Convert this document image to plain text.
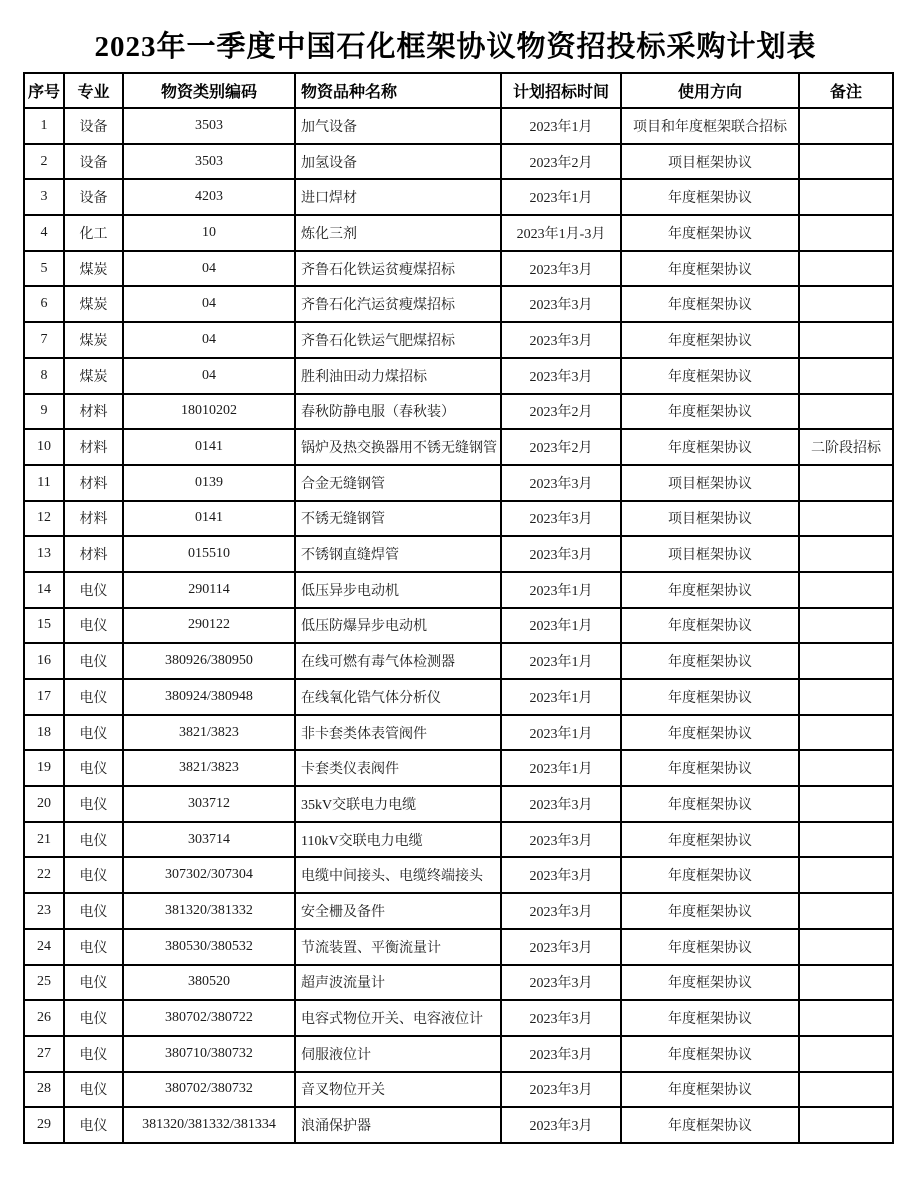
2023年一季度中国石化框架协议物资招投标采购计划表
序号	专业	物资类别编码	物资品种名称	计划招标时间	使用方向	备注
1	设备	3503	加气设备	2023年1月	项目和年度框架联合招标	
2	设备	3503	加氢设备	2023年2月	项目框架协议	
3	设备	4203	进口焊材	2023年1月	年度框架协议	
4	化工	10	炼化三剂	2023年1月-3月	年度框架协议	
5	煤炭	04	齐鲁石化铁运贫瘦煤招标	2023年3月	年度框架协议	
6	煤炭	04	齐鲁石化汽运贫瘦煤招标	2023年3月	年度框架协议	
7	煤炭	04	齐鲁石化铁运气肥煤招标	2023年3月	年度框架协议	
8	煤炭	04	胜利油田动力煤招标	2023年3月	年度框架协议	
9	材料	18010202	春秋防静电服（春秋装）	2023年2月	年度框架协议	
10	材料	0141	锅炉及热交换器用不锈无缝钢管	2023年2月	年度框架协议	二阶段招标
11	材料	0139	合金无缝钢管	2023年3月	项目框架协议	
12	材料	0141	不锈无缝钢管	2023年3月	项目框架协议	
13	材料	015510	不锈钢直缝焊管	2023年3月	项目框架协议	
14	电仪	290114	低压异步电动机	2023年1月	年度框架协议	
15	电仪	290122	低压防爆异步电动机	2023年1月	年度框架协议	
16	电仪	380926/380950	在线可燃有毒气体检测器	2023年1月	年度框架协议	
17	电仪	380924/380948	在线氧化锆气体分析仪	2023年1月	年度框架协议	
18	电仪	3821/3823	非卡套类体表管阀件	2023年1月	年度框架协议	
19	电仪	3821/3823	卡套类仪表阀件	2023年1月	年度框架协议	
20	电仪	303712	35kV交联电力电缆	2023年3月	年度框架协议	
21	电仪	303714	110kV交联电力电缆	2023年3月	年度框架协议	
22	电仪	307302/307304	电缆中间接头、电缆终端接头	2023年3月	年度框架协议	
23	电仪	381320/381332	安全栅及备件	2023年3月	年度框架协议	
24	电仪	380530/380532	节流装置、平衡流量计	2023年3月	年度框架协议	
25	电仪	380520	超声波流量计	2023年3月	年度框架协议	
26	电仪	380702/380722	电容式物位开关、电容液位计	2023年3月	年度框架协议	
27	电仪	380710/380732	伺服液位计	2023年3月	年度框架协议	
28	电仪	380702/380732	音叉物位开关	2023年3月	年度框架协议	
29	电仪	381320/381332/381334	浪涌保护器	2023年3月	年度框架协议	
